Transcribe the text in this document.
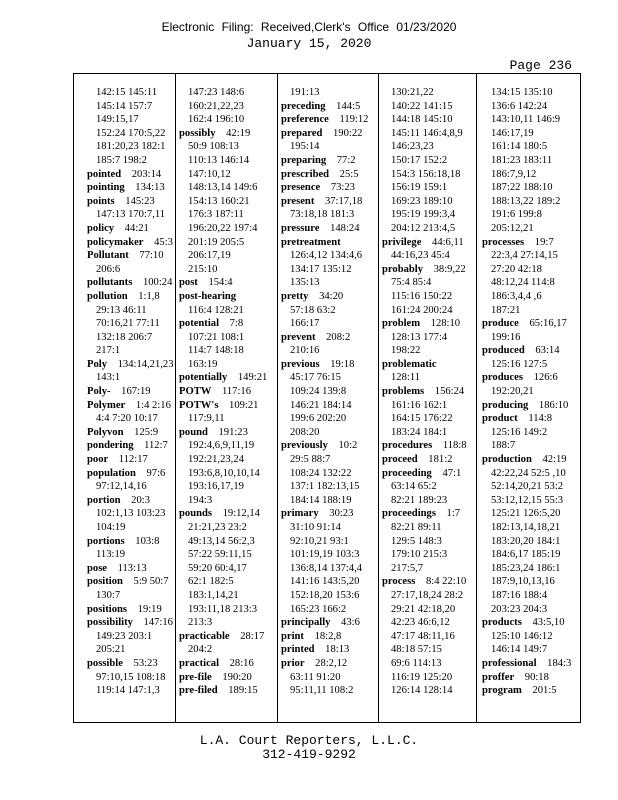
Electronic Filing: Received,Clerk's Office 01/23/2020
January 15, 2020
Page 236
142:15 145:11
145:14 157:7
149:15,17
152:24 170:5,22
181:20,23 182:1
185:7 198:2
pointed  203:14
pointing  134:13
points  145:23
147:13 170:7,11
policy  44:21
policymaker  45:3
Pollutant  77:10
206:6
pollutants  100:24
pollution  1:1,8
29:13 46:11
70:16,21 77:11
132:18 206:7
217:1
Poly  134:14,21,23
143:1
Poly-  167:19
Polymer  1:4 2:16
4:4 7:20 10:17
Polyvon  125:9
pondering  112:7
poor  112:17
population  97:6
97:12,14,16
portion  20:3
102:1,13 103:23
104:19
portions  103:8
113:19
pose  113:13
position  5:9 50:7
130:7
positions  19:19
possibility  147:16
149:23 203:1
205:21
possible  53:23
97:10,15 108:18
119:14 147:1,3
147:23 148:6
160:21,22,23
162:4 196:10
possibly  42:19
50:9 108:13
110:13 146:14
147:10,12
148:13,14 149:6
154:13 160:21
176:3 187:11
196:20,22 197:4
201:19 205:5
206:17,19
215:10
post  154:4
post-hearing
116:4 128:21
potential  7:8
107:21 108:1
114:7 148:18
163:19
potentially  149:21
POTW  117:16
POTW's  109:21
117:9,11
pound  191:23
192:4,6,9,11,19
192:21,23,24
193:6,8,10,10,14
193:16,17,19
194:3
pounds  19:12,14
21:21,23 23:2
49:13,14 56:2,3
57:22 59:11,15
59:20 60:4,17
62:1 182:5
183:1,14,21
193:11,18 213:3
213:3
practicable  28:17
204:2
practical  28:16
pre-file  190:20
pre-filed  189:15
191:13
preceding  144:5
preference  119:12
prepared  190:22
195:14
preparing  77:2
prescribed  25:5
presence  73:23
present  37:17,18
73:18,18 181:3
pressure  148:24
pretreatment
126:4,12 134:4,6
134:17 135:12
135:13
pretty  34:20
57:18 63:2
166:17
prevent  208:2
210:16
previous  19:18
45:17 76:15
109:24 139:8
146:21 184:14
199:6 202:20
208:20
previously  10:2
29:5 88:7
108:24 132:22
137:1 182:13,15
184:14 188:19
primary  30:23
31:10 91:14
92:10,21 93:1
101:19,19 103:3
136:8,14 137:4,4
141:16 143:5,20
152:18,20 153:6
165:23 166:2
principally  43:6
print  18:2,8
printed  18:13
prior  28:2,12
63:11 91:20
95:11,11 108:2
130:21,22
140:22 141:15
144:18 145:10
145:11 146:4,8,9
146:23,23
150:17 152:2
154:3 156:18,18
156:19 159:1
169:23 189:10
195:19 199:3,4
204:12 213:4,5
privilege  44:6,11
44:16,23 45:4
probably  38:9,22
75:4 85:4
115:16 150:22
161:24 200:24
problem  128:10
128:13 177:4
198:22
problematic
128:11
problems  156:24
161:16 162:1
164:15 176:22
183:24 184:1
procedures  118:8
proceed  181:2
proceeding  47:1
63:14 65:2
82:21 189:23
proceedings  1:7
82:21 89:11
129:5 148:3
179:10 215:3
217:5,7
process  8:4 22:10
27:17,18,24 28:2
29:21 42:18,20
42:23 46:6,12
47:17 48:11,16
48:18 57:15
69:6 114:13
116:19 125:20
126:14 128:14
134:15 135:10
136:6 142:24
143:10,11 146:9
146:17,19
161:14 180:5
181:23 183:11
186:7,9,12
187:22 188:10
188:13,22 189:2
191:6 199:8
205:12,21
processes  19:7
22:3,4 27:14,15
27:20 42:18
48:12,24 114:8
186:3,4,4 ,6
187:21
produce  65:16,17
199:16
produced  63:14
125:16 127:5
produces  126:6
192:20,21
producing  186:10
product  114:8
125:16 149:2
188:7
production  42:19
42:22,24 52:5 ,10
52:14,20,21 53:2
53:12,12,15 55:3
125:21 126:5,20
182:13,14,18,21
183:20,20 184:1
184:6,17 185:19
185:23,24 186:1
187:9,10,13,16
187:16 188:4
203:23 204:3
products  43:5,10
125:10 146:12
146:14 149:7
professional  184:3
proffer  90:18
program  201:5
L.A. Court Reporters, L.L.C.
312-419-9292
